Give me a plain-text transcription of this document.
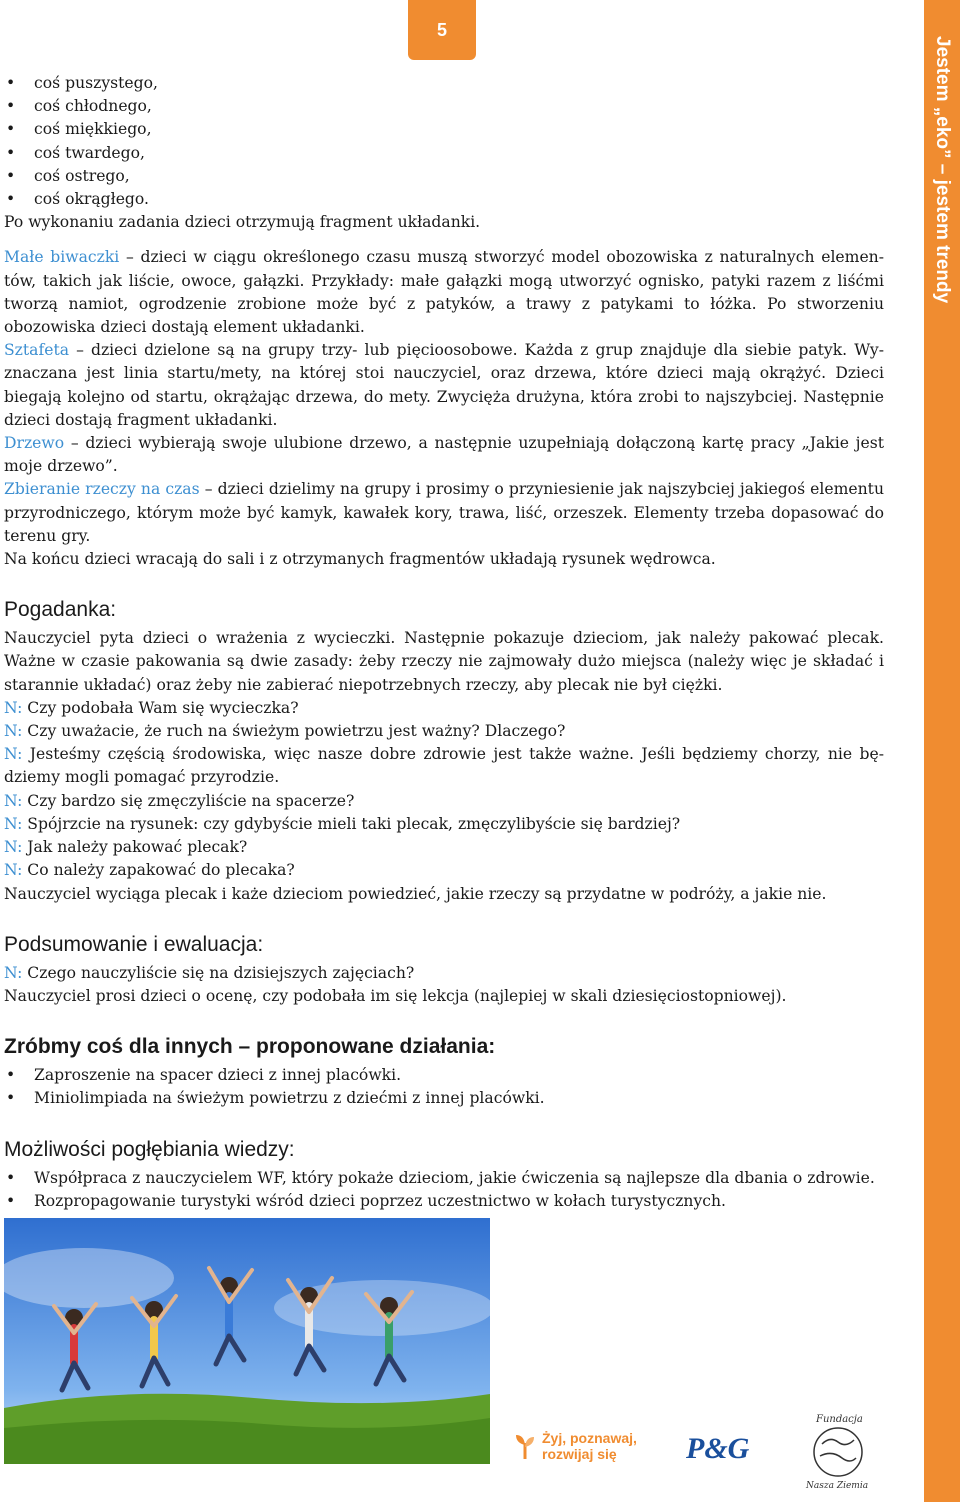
5
Jestem „eko” – jestem trendy
• coś puszystego,
• coś chłodnego,
• coś miękkiego,
• coś twardego,
• coś ostrego,
• coś okrągłego.

Po wykonaniu zadania dzieci otrzymują fragment układanki.

Małe biwaczki – dzieci w ciągu określonego czasu muszą stworzyć model obozowiska z naturalnych elementów, takich jak liście, owoce, gałązki. Przykłady: małe gałązki mogą utworzyć ognisko, patyki razem z liśćmi tworzą namiot, ogrodzenie zrobione może być z patyków, a trawy z patykami to łóżka. Po stworzeniu obozowiska dzieci dostają element układanki.

Sztafeta – dzieci dzielone są na grupy trzy- lub pięcioosobowe. Każda z grup znajduje dla siebie patyk. Wyznaczana jest linia startu/mety, na której stoi nauczyciel, oraz drzewa, które dzieci mają okrążyć. Dzieci biegają kolejno od startu, okrążając drzewa, do mety. Zwycięża drużyna, która zrobi to najszybciej. Następnie dzieci dostają fragment układanki.

Drzewo – dzieci wybierają swoje ulubione drzewo, a następnie uzupełniają dołączoną kartę pracy „Jakie jest moje drzewo”.

Zbieranie rzeczy na czas – dzieci dzielimy na grupy i prosimy o przyniesienie jak najszybciej jakiegoś elementu przyrodniczego, którym może być kamyk, kawałek kory, trawa, liść, orzeszek. Elementy trzeba dopasować do terenu gry.

Na końcu dzieci wracają do sali i z otrzymanych fragmentów układają rysunek wędrowca.

Pogadanka:

Nauczyciel pyta dzieci o wrażenia z wycieczki. Następnie pokazuje dzieciom, jak należy pakować plecak. Ważne w czasie pakowania są dwie zasady: żeby rzeczy nie zajmowały dużo miejsca (należy więc je składać i starannie układać) oraz żeby nie zabierać niepotrzebnych rzeczy, aby plecak nie był ciężki.

N: Czy podobała Wam się wycieczka?

N: Czy uważacie, że ruch na świeżym powietrzu jest ważny? Dlaczego?

N: Jesteśmy częścią środowiska, więc nasze dobre zdrowie jest także ważne. Jeśli będziemy chorzy, nie będziemy mogli pomagać przyrodzie.

N: Czy bardzo się zmęczyliście na spacerze?

N: Spójrzcie na rysunek: czy gdybyście mieli taki plecak, zmęczylibyście się bardziej?

N: Jak należy pakować plecak?

N: Co należy zapakować do plecaka?

Nauczyciel wyciąga plecak i każe dzieciom powiedzieć, jakie rzeczy są przydatne w podróży, a jakie nie.

Podsumowanie i ewaluacja:

N: Czego nauczyliście się na dzisiejszych zajęciach?

Nauczyciel prosi dzieci o ocenę, czy podobała im się lekcja (najlepiej w skali dziesięciostopniowej).

Zróbmy coś dla innych – proponowane działania:
• Zaproszenie na spacer dzieci z innej placówki.
• Miniolimpiada na świeżym powietrzu z dziećmi z innej placówki.
Możliwości pogłębiania wiedzy:
• Współpraca z nauczycielem WF, który pokaże dzieciom, jakie ćwiczenia są najlepsze dla dbania o zdrowie.
• Rozpropagowanie turystyki wśród dzieci poprzez uczestnictwo w kołach turystycznych.
Żyj, poznawaj,
rozwijaj się	P&G
Fundacja
Nasza Ziemia
